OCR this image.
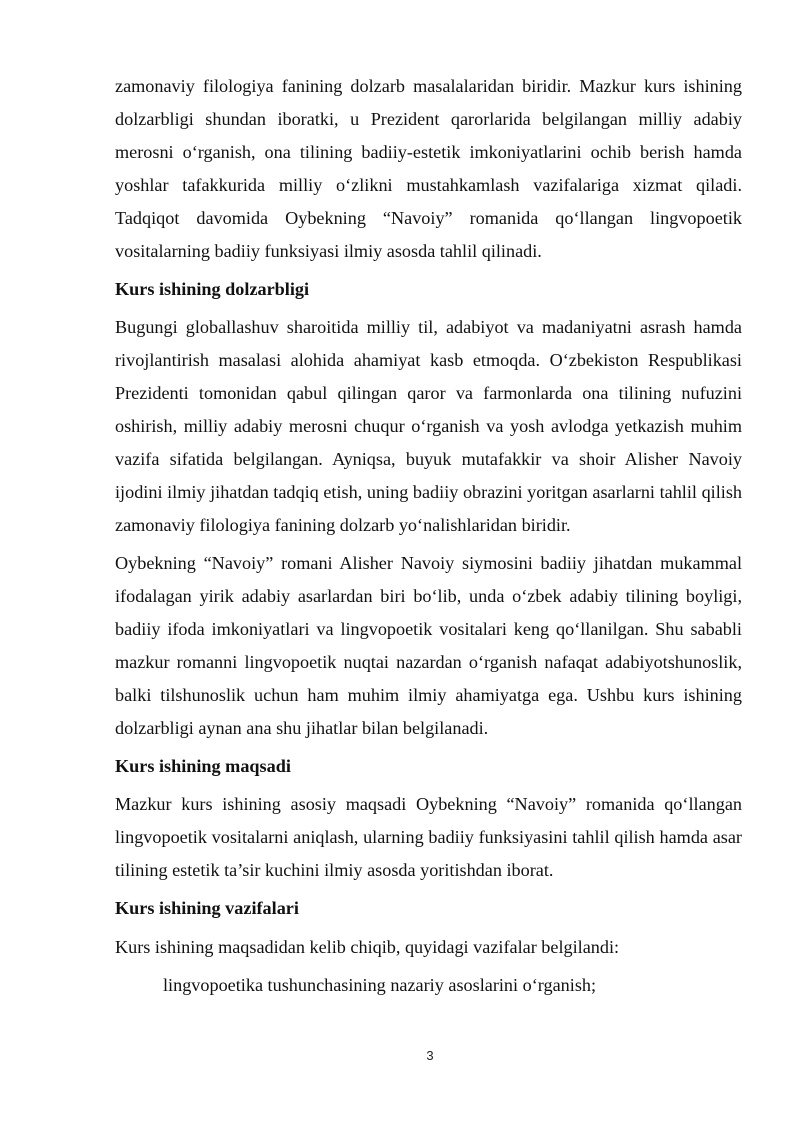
zamonaviy filologiya fanining dolzarb masalalaridan biridir. Mazkur kurs ishining dolzarbligi shundan iboratki, u Prezident qarorlarida belgilangan milliy adabiy merosni o‘rganish, ona tilining badiiy-estetik imkoniyatlarini ochib berish hamda yoshlar tafakkurida milliy o‘zlikni mustahkamlash vazifalariga xizmat qiladi. Tadqiqot davomida Oybekning “Navoiy” romanida qo‘llangan lingvopoetik vositalarning badiiy funksiyasi ilmiy asosda tahlil qilinadi.

Kurs ishining dolzarbligi

Bugungi globallashuv sharoitida milliy til, adabiyot va madaniyatni asrash hamda rivojlantirish masalasi alohida ahamiyat kasb etmoqda. O‘zbekiston Respublikasi Prezidenti tomonidan qabul qilingan qaror va farmonlarda ona tilining nufuzini oshirish, milliy adabiy merosni chuqur o‘rganish va yosh avlodga yetkazish muhim vazifa sifatida belgilangan. Ayniqsa, buyuk mutafakkir va shoir Alisher Navoiy ijodini ilmiy jihatdan tadqiq etish, uning badiiy obrazini yoritgan asarlarni tahlil qilish zamonaviy filologiya fanining dolzarb yo‘nalishlaridan biridir.

Oybekning “Navoiy” romani Alisher Navoiy siymosini badiiy jihatdan mukammal ifodalagan yirik adabiy asarlardan biri bo‘lib, unda o‘zbek adabiy tilining boyligi, badiiy ifoda imkoniyatlari va lingvopoetik vositalari keng qo‘llanilgan. Shu sababli mazkur romanni lingvopoetik nuqtai nazardan o‘rganish nafaqat adabiyotshunoslik, balki tilshunoslik uchun ham muhim ilmiy ahamiyatga ega. Ushbu kurs ishining dolzarbligi aynan ana shu jihatlar bilan belgilanadi.

Kurs ishining maqsadi

Mazkur kurs ishining asosiy maqsadi Oybekning “Navoiy” romanida qo‘llangan lingvopoetik vositalarni aniqlash, ularning badiiy funksiyasini tahlil qilish hamda asar tilining estetik ta’sir kuchini ilmiy asosda yoritishdan iborat.

Kurs ishining vazifalari

Kurs ishining maqsadidan kelib chiqib, quyidagi vazifalar belgilandi:

lingvopoetika tushunchasining nazariy asoslarini o‘rganish;

3
